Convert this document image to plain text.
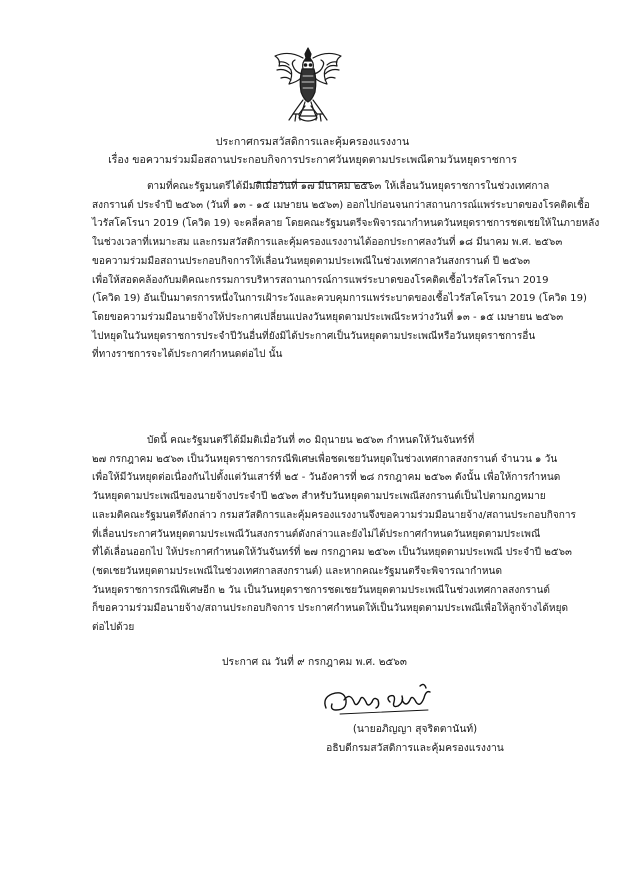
ประกาศกรมสวัสดิการและคุ้มครองแรงงาน
เรื่อง ขอความร่วมมือสถานประกอบกิจการประกาศวันหยุดตามประเพณีตามวันหยุดราชการ
ตามที่คณะรัฐมนตรีได้มีมติเมื่อวันที่ ๑๗ มีนาคม ๒๕๖๓ ให้เลื่อนวันหยุดราชการในช่วงเทศกาล
สงกรานต์ ประจำปี ๒๕๖๓ (วันที่ ๑๓ - ๑๕ เมษายน ๒๕๖๓) ออกไปก่อนจนกว่าสถานการณ์แพร่ระบาดของโรคติดเชื้อ
ไวรัสโคโรนา 2019 (โควิด 19) จะคลี่คลาย โดยคณะรัฐมนตรีจะพิจารณากำหนดวันหยุดราชการชดเชยให้ในภายหลัง
ในช่วงเวลาที่เหมาะสม และกรมสวัสดิการและคุ้มครองแรงงานได้ออกประกาศลงวันที่ ๑๘ มีนาคม พ.ศ. ๒๕๖๓
ขอความร่วมมือสถานประกอบกิจการให้เลื่อนวันหยุดตามประเพณีในช่วงเทศกาลวันสงกรานต์ ปี ๒๕๖๓
เพื่อให้สอดคล้องกับมติคณะกรรมการบริหารสถานการณ์การแพร่ระบาดของโรคติดเชื้อไวรัสโคโรนา 2019
(โควิด 19) อันเป็นมาตรการหนึ่งในการเฝ้าระวังและควบคุมการแพร่ระบาดของเชื้อไวรัสโคโรนา 2019 (โควิด 19)
โดยขอความร่วมมือนายจ้างให้ประกาศเปลี่ยนแปลงวันหยุดตามประเพณีระหว่างวันที่ ๑๓ - ๑๕ เมษายน ๒๕๖๓
ไปหยุดในวันหยุดราชการประจำปีวันอื่นที่ยังมิได้ประกาศเป็นวันหยุดตามประเพณีหรือวันหยุดราชการอื่น
ที่ทางราชการจะได้ประกาศกำหนดต่อไป นั้น
บัดนี้ คณะรัฐมนตรีได้มีมติเมื่อวันที่ ๓๐ มิถุนายน ๒๕๖๓ กำหนดให้วันจันทร์ที่
๒๗ กรกฎาคม ๒๕๖๓ เป็นวันหยุดราชการกรณีพิเศษเพื่อชดเชยวันหยุดในช่วงเทศกาลสงกรานต์ จำนวน ๑ วัน
เพื่อให้มีวันหยุดต่อเนื่องกันไปตั้งแต่วันเสาร์ที่ ๒๕ - วันอังคารที่ ๒๘ กรกฎาคม ๒๕๖๓ ดังนั้น เพื่อให้การกำหนด
วันหยุดตามประเพณีของนายจ้างประจำปี ๒๕๖๓ สำหรับวันหยุดตามประเพณีสงกรานต์เป็นไปตามกฎหมาย
และมติคณะรัฐมนตรีดังกล่าว กรมสวัสดิการและคุ้มครองแรงงานจึงขอความร่วมมือนายจ้าง/สถานประกอบกิจการ
ที่เลื่อนประกาศวันหยุดตามประเพณีวันสงกรานต์ดังกล่าวและยังไม่ได้ประกาศกำหนดวันหยุดตามประเพณี
ที่ได้เลื่อนออกไป ให้ประกาศกำหนดให้วันจันทร์ที่ ๒๗ กรกฎาคม ๒๕๖๓ เป็นวันหยุดตามประเพณี ประจำปี ๒๕๖๓
(ชดเชยวันหยุดตามประเพณีในช่วงเทศกาลสงกรานต์) และหากคณะรัฐมนตรีจะพิจารณากำหนด
วันหยุดราชการกรณีพิเศษอีก ๒ วัน เป็นวันหยุดราชการชดเชยวันหยุดตามประเพณีในช่วงเทศกาลสงกรานต์
ก็ขอความร่วมมือนายจ้าง/สถานประกอบกิจการ ประกาศกำหนดให้เป็นวันหยุดตามประเพณีเพื่อให้ลูกจ้างได้หยุด
ต่อไปด้วย
ประกาศ ณ วันที่ ๙ กรกฎาคม พ.ศ. ๒๕๖๓
(นายอภิญญา สุจริตตานันท์)
อธิบดีกรมสวัสดิการและคุ้มครองแรงงาน
